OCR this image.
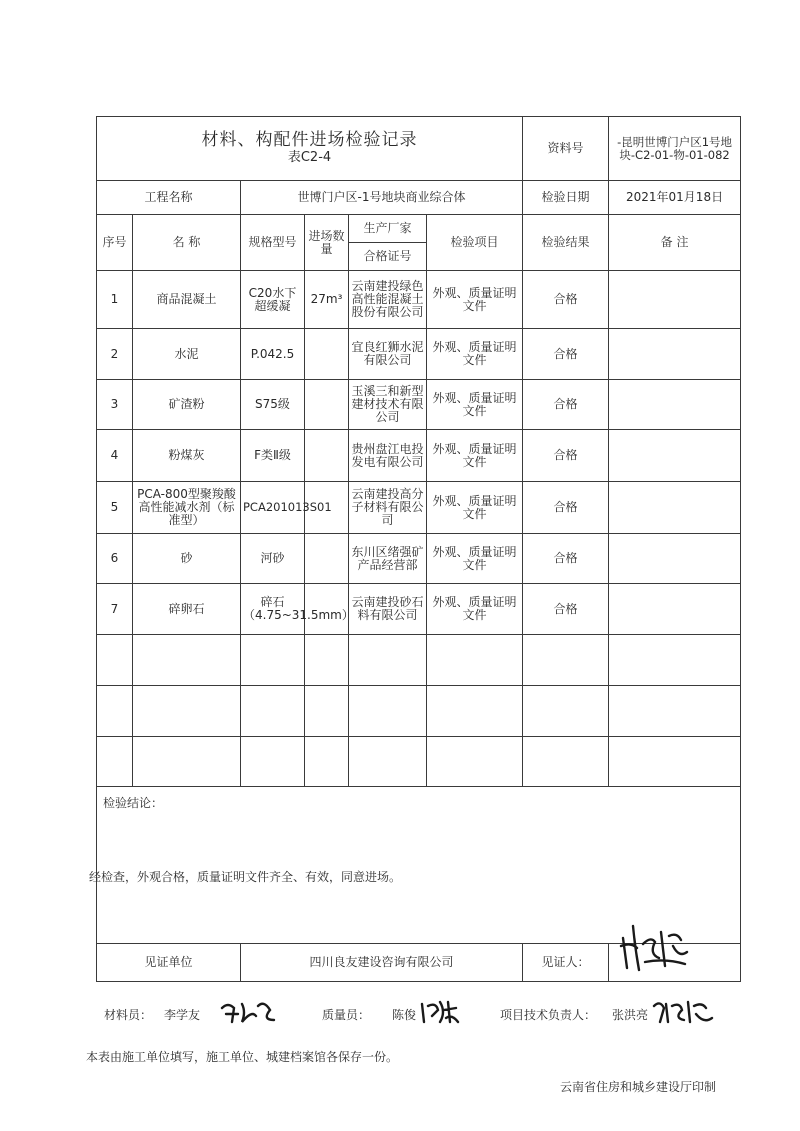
材料、构配件进场检验记录
表C2-4						资料号	-昆明世博门户区1号地块-C2-01-物-01-082
工程名称		世博门户区-1号地块商业综合体				检验日期	2021年01月18日
序号	名 称	规格型号	进场数量	生产厂家	检验项目	检验结果	备 注
				合格证号			
1	商品混凝土	C20水下超缓凝	27m³	云南建投绿色高性能混凝土股份有限公司	外观、质量证明文件	合格	
2	水泥	P.042.5		宜良红狮水泥有限公司	外观、质量证明文件	合格	
3	矿渣粉	S75级		玉溪三和新型建材技术有限公司	外观、质量证明文件	合格	
4	粉煤灰	F类Ⅱ级		贵州盘江电投发电有限公司	外观、质量证明文件	合格	
5	PCA-800型聚羧酸高性能减水剂（标准型）	PCA201013S01		云南建投高分子材料有限公司	外观、质量证明文件	合格	
6	砂	河砂		东川区绪强矿产品经营部	外观、质量证明文件	合格	
7	碎卵石	碎石（4.75~31.5mm）		云南建投砂石料有限公司	外观、质量证明文件	合格	

检验结论：
经检查，外观合格，质量证明文件齐全、有效，同意进场。							

见证单位		四川良友建设咨询有限公司				见证人：	
材料员： 李学友	质量员： 陈俊	项目技术负责人： 张洪亮
本表由施工单位填写，施工单位、城建档案馆各保存一份。
云南省住房和城乡建设厅印制
